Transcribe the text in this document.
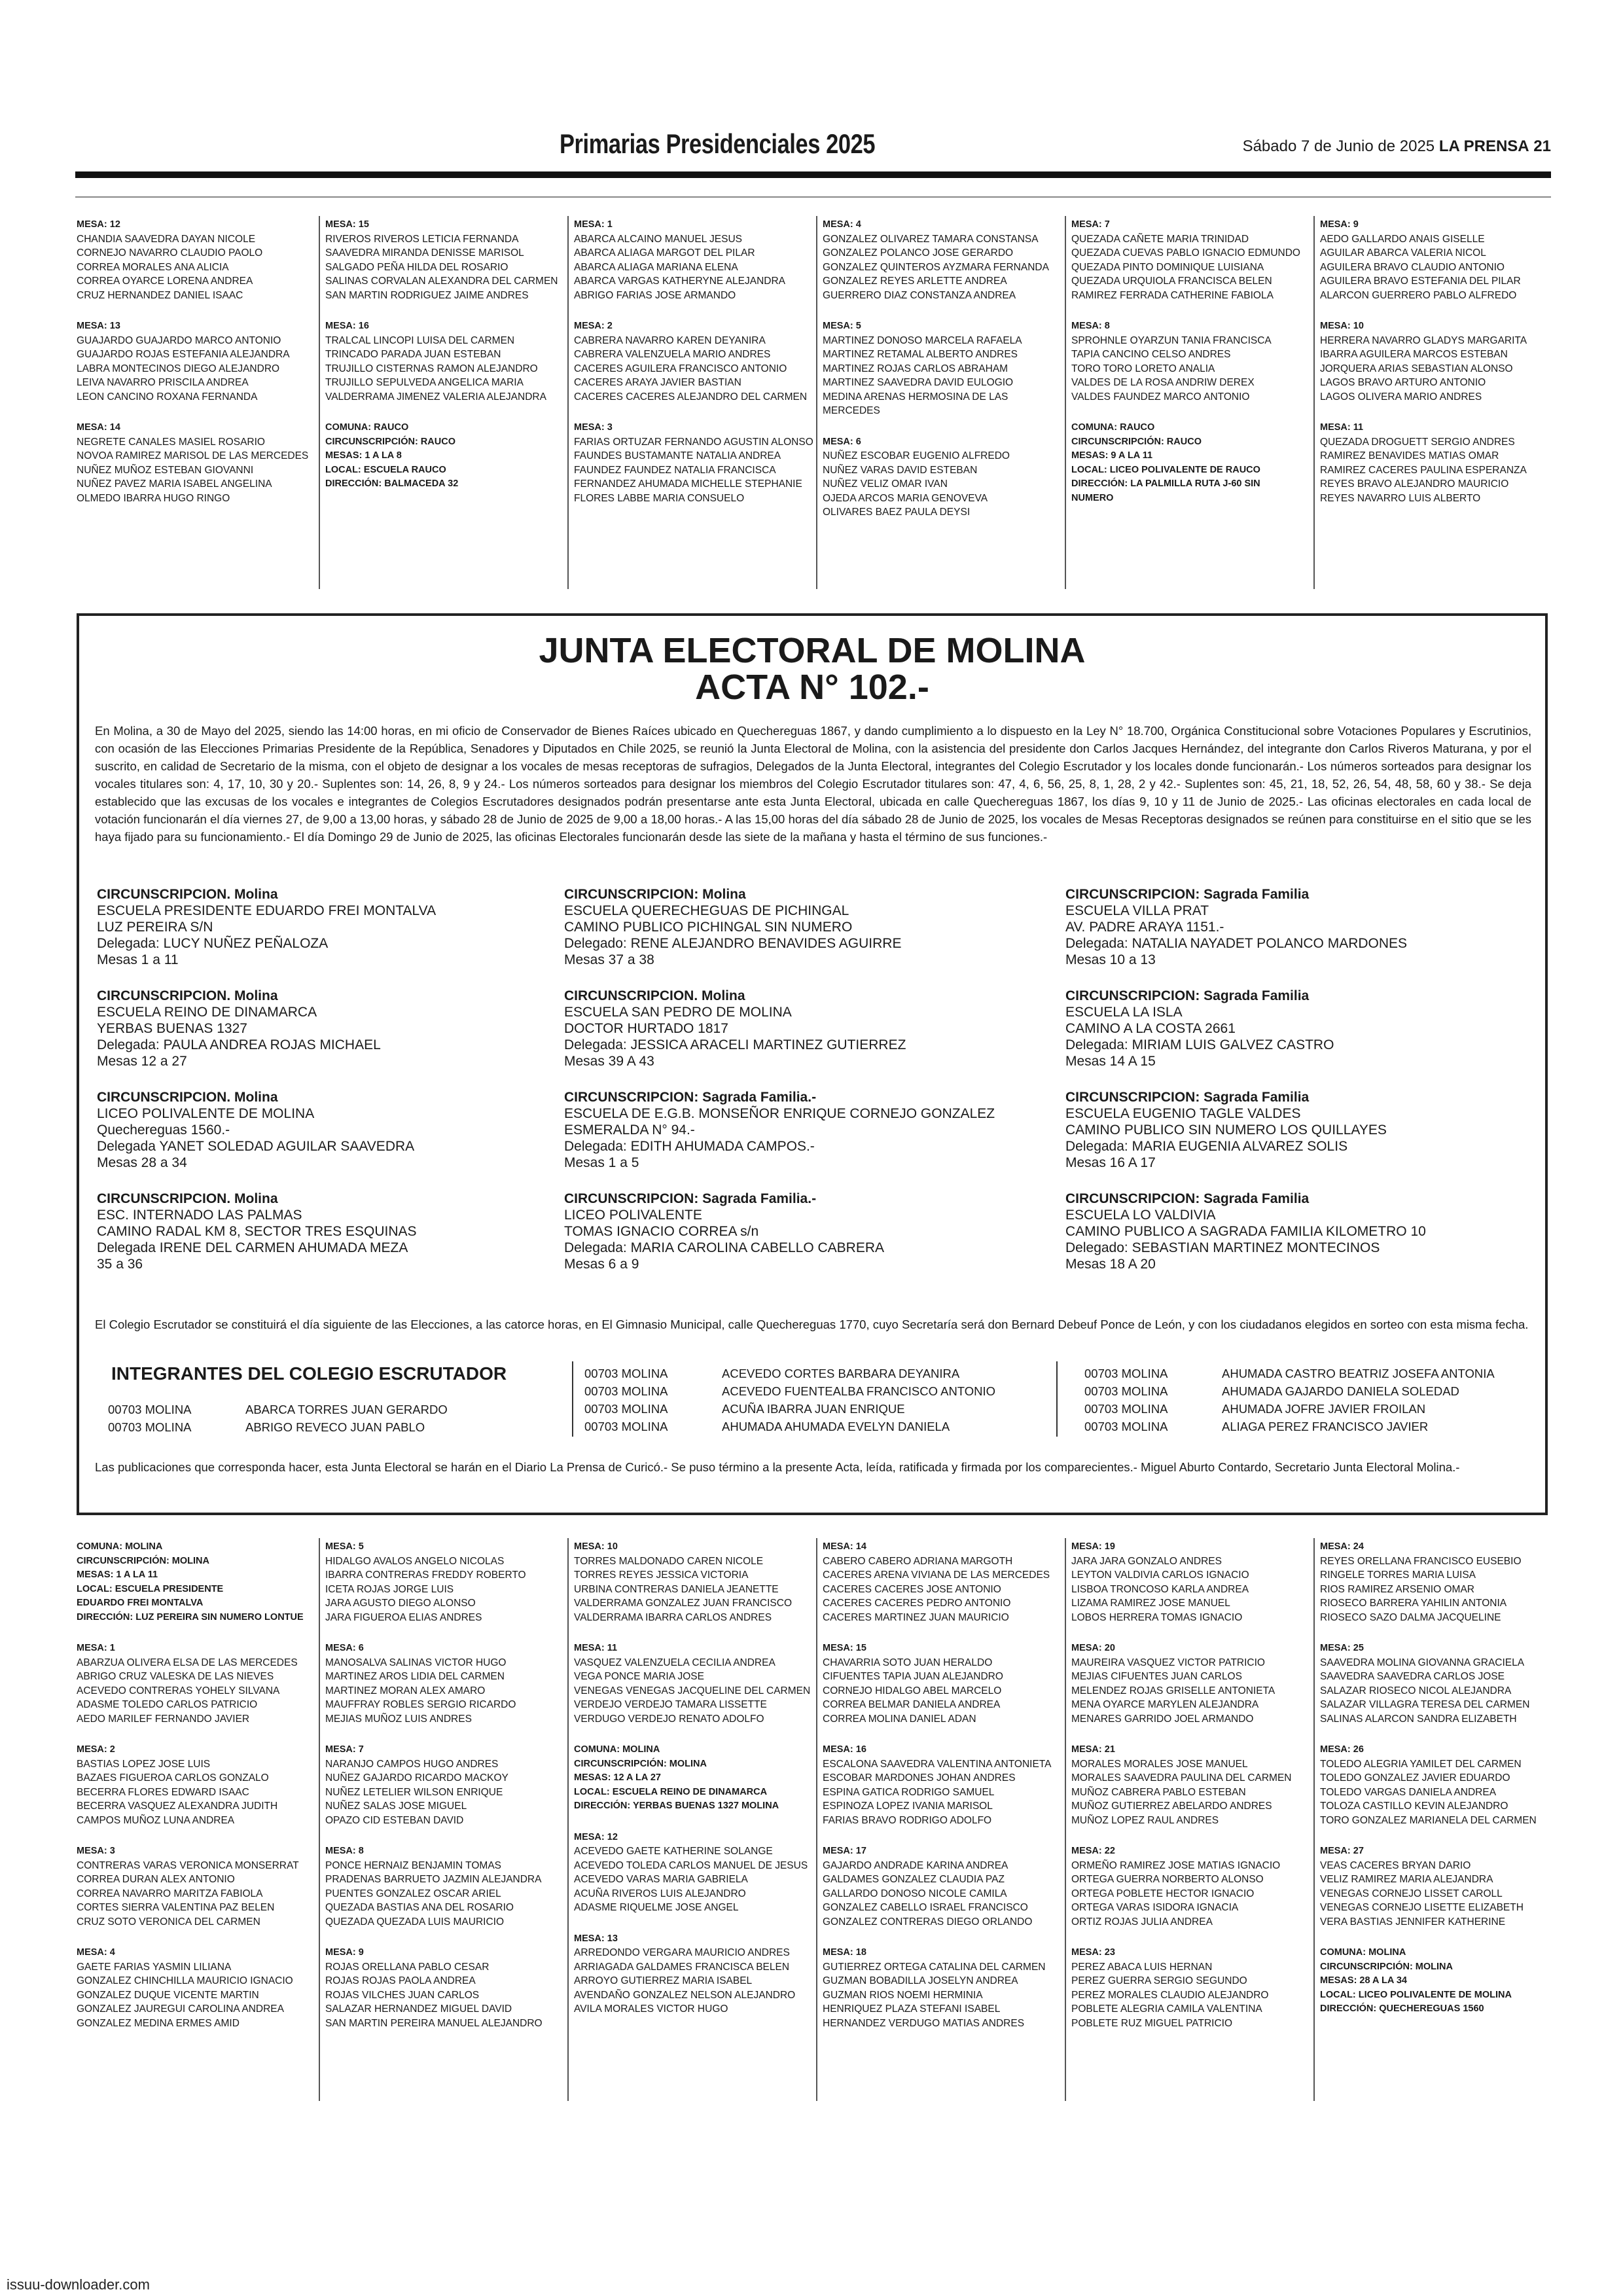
Primarias Presidenciales 2025	Sábado 7 de Junio de 2025 LA PRENSA 21
MESA: 12
CHANDIA SAAVEDRA DAYAN NICOLE
CORNEJO NAVARRO CLAUDIO PAOLO
CORREA MORALES ANA ALICIA
CORREA OYARCE LORENA ANDREA
CRUZ HERNANDEZ DANIEL ISAAC
MESA: 13
GUAJARDO GUAJARDO MARCO ANTONIO
GUAJARDO ROJAS ESTEFANIA ALEJANDRA
LABRA MONTECINOS DIEGO ALEJANDRO
LEIVA NAVARRO PRISCILA ANDREA
LEON CANCINO ROXANA FERNANDA
MESA: 14
NEGRETE CANALES MASIEL ROSARIO
NOVOA RAMIREZ MARISOL DE LAS MERCEDES
NUÑEZ MUÑOZ ESTEBAN GIOVANNI
NUÑEZ PAVEZ MARIA ISABEL ANGELINA
OLMEDO IBARRA HUGO RINGO
MESA: 15
RIVEROS RIVEROS LETICIA FERNANDA
SAAVEDRA MIRANDA DENISSE MARISOL
SALGADO PEÑA HILDA DEL ROSARIO
SALINAS CORVALAN ALEXANDRA DEL CARMEN
SAN MARTIN RODRIGUEZ JAIME ANDRES
MESA: 16
TRALCAL LINCOPI LUISA DEL CARMEN
TRINCADO PARADA JUAN ESTEBAN
TRUJILLO CISTERNAS RAMON ALEJANDRO
TRUJILLO SEPULVEDA ANGELICA MARIA
VALDERRAMA JIMENEZ VALERIA ALEJANDRA
COMUNA: RAUCO
CIRCUNSCRIPCIÓN: RAUCO
MESAS: 1 A LA 8
LOCAL: ESCUELA RAUCO
DIRECCIÓN: BALMACEDA 32
MESA: 1
ABARCA ALCAINO MANUEL JESUS
ABARCA ALIAGA MARGOT DEL PILAR
ABARCA ALIAGA MARIANA ELENA
ABARCA VARGAS KATHERYNE ALEJANDRA
ABRIGO FARIAS JOSE ARMANDO
MESA: 2
CABRERA NAVARRO KAREN DEYANIRA
CABRERA VALENZUELA MARIO ANDRES
CACERES AGUILERA FRANCISCO ANTONIO
CACERES ARAYA JAVIER BASTIAN
CACERES CACERES ALEJANDRO DEL CARMEN
MESA: 3
FARIAS ORTUZAR FERNANDO AGUSTIN ALONSO
FAUNDES BUSTAMANTE NATALIA ANDREA
FAUNDEZ FAUNDEZ NATALIA FRANCISCA
FERNANDEZ AHUMADA MICHELLE STEPHANIE
FLORES LABBE MARIA CONSUELO
MESA: 4
GONZALEZ OLIVAREZ TAMARA CONSTANSA
GONZALEZ POLANCO JOSE GERARDO
GONZALEZ QUINTEROS AYZMARA FERNANDA
GONZALEZ REYES ARLETTE ANDREA
GUERRERO DIAZ CONSTANZA ANDREA
MESA: 5
MARTINEZ DONOSO MARCELA RAFAELA
MARTINEZ RETAMAL ALBERTO ANDRES
MARTINEZ ROJAS CARLOS ABRAHAM
MARTINEZ SAAVEDRA DAVID EULOGIO
MEDINA ARENAS HERMOSINA DE LAS
MERCEDES
MESA: 6
NUÑEZ ESCOBAR EUGENIO ALFREDO
NUÑEZ VARAS DAVID ESTEBAN
NUÑEZ VELIZ OMAR IVAN
OJEDA ARCOS MARIA GENOVEVA
OLIVARES BAEZ PAULA DEYSI
MESA: 7
QUEZADA CAÑETE MARIA TRINIDAD
QUEZADA CUEVAS PABLO IGNACIO EDMUNDO
QUEZADA PINTO DOMINIQUE LUISIANA
QUEZADA URQUIOLA FRANCISCA BELEN
RAMIREZ FERRADA CATHERINE FABIOLA
MESA: 8
SPROHNLE OYARZUN TANIA FRANCISCA
TAPIA CANCINO CELSO ANDRES
TORO TORO LORETO ANALIA
VALDES DE LA ROSA ANDRIW DEREX
VALDES FAUNDEZ MARCO ANTONIO
COMUNA: RAUCO
CIRCUNSCRIPCIÓN: RAUCO
MESAS: 9 A LA 11
LOCAL: LICEO POLIVALENTE DE RAUCO
DIRECCIÓN: LA PALMILLA RUTA J-60 SIN
NUMERO
MESA: 9
AEDO GALLARDO ANAIS GISELLE
AGUILAR ABARCA VALERIA NICOL
AGUILERA BRAVO CLAUDIO ANTONIO
AGUILERA BRAVO ESTEFANIA DEL PILAR
ALARCON GUERRERO PABLO ALFREDO
MESA: 10
HERRERA NAVARRO GLADYS MARGARITA
IBARRA AGUILERA MARCOS ESTEBAN
JORQUERA ARIAS SEBASTIAN ALONSO
LAGOS BRAVO ARTURO ANTONIO
LAGOS OLIVERA MARIO ANDRES
MESA: 11
QUEZADA DROGUETT SERGIO ANDRES
RAMIREZ BENAVIDES MATIAS OMAR
RAMIREZ CACERES PAULINA ESPERANZA
REYES BRAVO ALEJANDRO MAURICIO
REYES NAVARRO LUIS ALBERTO
JUNTA ELECTORAL DE MOLINA
ACTA N° 102.-
En Molina, a 30 de Mayo del 2025, siendo las 14:00 horas, en mi oficio de Conservador de Bienes Raíces ubicado en Quechereguas 1867, y dando cumplimiento a lo dispuesto en la Ley N° 18.700, Orgánica Constitucional sobre Votaciones Populares y Escrutinios, con ocasión de las Elecciones Primarias Presidente de la República, Senadores y Diputados en Chile 2025, se reunió la Junta Electoral de Molina, con la asistencia del presidente don Carlos Jacques Hernández, del integrante don Carlos Riveros Maturana, y por el suscrito, en calidad de Secretario de la misma, con el objeto de designar a los vocales de mesas receptoras de sufragios, Delegados de la Junta Electoral, integrantes del Colegio Escrutador y los locales donde funcionarán.- Los números sorteados para designar los vocales titulares son: 4, 17, 10, 30 y 20.- Suplentes son: 14, 26, 8, 9 y 24.- Los números sorteados para designar los miembros del Colegio Escrutador titulares son: 47, 4, 6, 56, 25, 8, 1, 28, 2 y 42.- Suplentes son: 45, 21, 18, 52, 26, 54, 48, 58, 60 y 38.- Se deja establecido que las excusas de los vocales e integrantes de Colegios Escrutadores designados podrán presentarse ante esta Junta Electoral, ubicada en calle Quechereguas 1867, los días 9, 10 y 11 de Junio de 2025.- Las oficinas electorales en cada local de votación funcionarán el día viernes 27, de 9,00 a 13,00 horas, y sábado 28 de Junio de 2025 de 9,00 a 18,00 horas.- A las 15,00 horas del día sábado 28 de Junio de 2025, los vocales de Mesas Receptoras designados se reúnen para constituirse en el sitio que se les haya fijado para su funcionamiento.- El día Domingo 29 de Junio de 2025, las oficinas Electorales funcionarán desde las siete de la mañana y hasta el término de sus funciones.-
CIRCUNSCRIPCION. Molina
ESCUELA PRESIDENTE EDUARDO FREI MONTALVA
LUZ PEREIRA S/N
Delegada: LUCY NUÑEZ PEÑALOZA
Mesas 1 a 11
CIRCUNSCRIPCION. Molina
ESCUELA REINO DE DINAMARCA
YERBAS BUENAS 1327
Delegada: PAULA ANDREA ROJAS MICHAEL
Mesas 12 a 27
CIRCUNSCRIPCION. Molina
LICEO POLIVALENTE DE MOLINA
Quechereguas 1560.-
Delegada YANET SOLEDAD AGUILAR SAAVEDRA
Mesas 28 a 34
CIRCUNSCRIPCION. Molina
ESC. INTERNADO LAS PALMAS
CAMINO RADAL KM 8, SECTOR TRES ESQUINAS
Delegada IRENE DEL CARMEN AHUMADA MEZA
35 a 36
CIRCUNSCRIPCION: Molina
ESCUELA QUERECHEGUAS DE PICHINGAL
CAMINO PUBLICO PICHINGAL SIN NUMERO
Delegado: RENE ALEJANDRO BENAVIDES AGUIRRE
Mesas 37 a 38
CIRCUNSCRIPCION. Molina
ESCUELA SAN PEDRO DE MOLINA
DOCTOR HURTADO 1817
Delegada: JESSICA ARACELI MARTINEZ GUTIERREZ
Mesas 39 A 43
CIRCUNSCRIPCION: Sagrada Familia.-
ESCUELA DE E.G.B. MONSEÑOR ENRIQUE CORNEJO GONZALEZ
ESMERALDA N° 94.-
Delegada: EDITH AHUMADA CAMPOS.-
Mesas 1 a 5
CIRCUNSCRIPCION: Sagrada Familia.-
LICEO POLIVALENTE
TOMAS IGNACIO CORREA s/n
Delegada: MARIA CAROLINA CABELLO CABRERA
Mesas 6 a 9
CIRCUNSCRIPCION: Sagrada Familia
ESCUELA VILLA PRAT
AV. PADRE ARAYA 1151.-
Delegada: NATALIA NAYADET POLANCO MARDONES
Mesas 10 a 13
CIRCUNSCRIPCION: Sagrada Familia
ESCUELA LA ISLA
CAMINO A LA COSTA 2661
Delegada: MIRIAM LUIS GALVEZ CASTRO
Mesas 14 A 15
CIRCUNSCRIPCION: Sagrada Familia
ESCUELA EUGENIO TAGLE VALDES
CAMINO PUBLICO SIN NUMERO LOS QUILLAYES
Delegada: MARIA EUGENIA ALVAREZ SOLIS
Mesas 16 A 17
CIRCUNSCRIPCION: Sagrada Familia
ESCUELA LO VALDIVIA
CAMINO PUBLICO A SAGRADA FAMILIA KILOMETRO 10
Delegado: SEBASTIAN MARTINEZ MONTECINOS
Mesas 18 A 20
El Colegio Escrutador se constituirá el día siguiente de las Elecciones, a las catorce horas, en El Gimnasio Municipal, calle Quechereguas 1770, cuyo Secretaría será don Bernard Debeuf Ponce de León, y con los ciudadanos elegidos en sorteo con esta misma fecha.
INTEGRANTES DEL COLEGIO ESCRUTADOR
00703 MOLINA	ABARCA TORRES JUAN GERARDO
00703 MOLINA	ABRIGO REVECO JUAN PABLO
00703 MOLINA	ACEVEDO CORTES BARBARA DEYANIRA
00703 MOLINA	ACEVEDO FUENTEALBA FRANCISCO ANTONIO
00703 MOLINA	ACUÑA IBARRA JUAN ENRIQUE
00703 MOLINA	AHUMADA AHUMADA EVELYN DANIELA
00703 MOLINA	AHUMADA CASTRO BEATRIZ JOSEFA ANTONIA
00703 MOLINA	AHUMADA GAJARDO DANIELA SOLEDAD
00703 MOLINA	AHUMADA JOFRE JAVIER FROILAN
00703 MOLINA	ALIAGA PEREZ FRANCISCO JAVIER
Las publicaciones que corresponda hacer, esta Junta Electoral se harán en el Diario La Prensa de Curicó.- Se puso término a la presente Acta, leída, ratificada y firmada por los comparecientes.- Miguel Aburto Contardo, Secretario Junta Electoral Molina.-
COMUNA: MOLINA
CIRCUNSCRIPCIÓN: MOLINA
MESAS: 1 A LA 11
LOCAL: ESCUELA PRESIDENTE
EDUARDO FREI MONTALVA
DIRECCIÓN: LUZ PEREIRA SIN NUMERO LONTUE
MESA: 1
ABARZUA OLIVERA ELSA DE LAS MERCEDES
ABRIGO CRUZ VALESKA DE LAS NIEVES
ACEVEDO CONTRERAS YOHELY SILVANA
ADASME TOLEDO CARLOS PATRICIO
AEDO MARILEF FERNANDO JAVIER
MESA: 2
BASTIAS LOPEZ JOSE LUIS
BAZAES FIGUEROA CARLOS GONZALO
BECERRA FLORES EDWARD ISAAC
BECERRA VASQUEZ ALEXANDRA JUDITH
CAMPOS MUÑOZ LUNA ANDREA
MESA: 3
CONTRERAS VARAS VERONICA MONSERRAT
CORREA DURAN ALEX ANTONIO
CORREA NAVARRO MARITZA FABIOLA
CORTES SIERRA VALENTINA PAZ BELEN
CRUZ SOTO VERONICA DEL CARMEN
MESA: 4
GAETE FARIAS YASMIN LILIANA
GONZALEZ CHINCHILLA MAURICIO IGNACIO
GONZALEZ DUQUE VICENTE MARTIN
GONZALEZ JAUREGUI CAROLINA ANDREA
GONZALEZ MEDINA ERMES AMID
MESA: 5
HIDALGO AVALOS ANGELO NICOLAS
IBARRA CONTRERAS FREDDY ROBERTO
ICETA ROJAS JORGE LUIS
JARA AGUSTO DIEGO ALONSO
JARA FIGUEROA ELIAS ANDRES
MESA: 6
MANOSALVA SALINAS VICTOR HUGO
MARTINEZ AROS LIDIA DEL CARMEN
MARTINEZ MORAN ALEX AMARO
MAUFFRAY ROBLES SERGIO RICARDO
MEJIAS MUÑOZ LUIS ANDRES
MESA: 7
NARANJO CAMPOS HUGO ANDRES
NUÑEZ GAJARDO RICARDO MACKOY
NUÑEZ LETELIER WILSON ENRIQUE
NUÑEZ SALAS JOSE MIGUEL
OPAZO CID ESTEBAN DAVID
MESA: 8
PONCE HERNAIZ BENJAMIN TOMAS
PRADENAS BARRUETO JAZMIN ALEJANDRA
PUENTES GONZALEZ OSCAR ARIEL
QUEZADA BASTIAS ANA DEL ROSARIO
QUEZADA QUEZADA LUIS MAURICIO
MESA: 9
ROJAS ORELLANA PABLO CESAR
ROJAS ROJAS PAOLA ANDREA
ROJAS VILCHES JUAN CARLOS
SALAZAR HERNANDEZ MIGUEL DAVID
SAN MARTIN PEREIRA MANUEL ALEJANDRO
MESA: 10
TORRES MALDONADO CAREN NICOLE
TORRES REYES JESSICA VICTORIA
URBINA CONTRERAS DANIELA JEANETTE
VALDERRAMA GONZALEZ JUAN FRANCISCO
VALDERRAMA IBARRA CARLOS ANDRES
MESA: 11
VASQUEZ VALENZUELA CECILIA ANDREA
VEGA PONCE MARIA JOSE
VENEGAS VENEGAS JACQUELINE DEL CARMEN
VERDEJO VERDEJO TAMARA LISSETTE
VERDUGO VERDEJO RENATO ADOLFO
COMUNA: MOLINA
CIRCUNSCRIPCIÓN: MOLINA
MESAS: 12 A LA 27
LOCAL: ESCUELA REINO DE DINAMARCA
DIRECCIÓN: YERBAS BUENAS 1327 MOLINA
MESA: 12
ACEVEDO GAETE KATHERINE SOLANGE
ACEVEDO TOLEDA CARLOS MANUEL DE JESUS
ACEVEDO VARAS MARIA GABRIELA
ACUÑA RIVEROS LUIS ALEJANDRO
ADASME RIQUELME JOSE ANGEL
MESA: 13
ARREDONDO VERGARA MAURICIO ANDRES
ARRIAGADA GALDAMES FRANCISCA BELEN
ARROYO GUTIERREZ MARIA ISABEL
AVENDAÑO GONZALEZ NELSON ALEJANDRO
AVILA MORALES VICTOR HUGO
MESA: 14
CABERO CABERO ADRIANA MARGOTH
CACERES ARENA VIVIANA DE LAS MERCEDES
CACERES CACERES JOSE ANTONIO
CACERES CACERES PEDRO ANTONIO
CACERES MARTINEZ JUAN MAURICIO
MESA: 15
CHAVARRIA SOTO JUAN HERALDO
CIFUENTES TAPIA JUAN ALEJANDRO
CORNEJO HIDALGO ABEL MARCELO
CORREA BELMAR DANIELA ANDREA
CORREA MOLINA DANIEL ADAN
MESA: 16
ESCALONA SAAVEDRA VALENTINA ANTONIETA
ESCOBAR MARDONES JOHAN ANDRES
ESPINA GATICA RODRIGO SAMUEL
ESPINOZA LOPEZ IVANIA MARISOL
FARIAS BRAVO RODRIGO ADOLFO
MESA: 17
GAJARDO ANDRADE KARINA ANDREA
GALDAMES GONZALEZ CLAUDIA PAZ
GALLARDO DONOSO NICOLE CAMILA
GONZALEZ CABELLO ISRAEL FRANCISCO
GONZALEZ CONTRERAS DIEGO ORLANDO
MESA: 18
GUTIERREZ ORTEGA CATALINA DEL CARMEN
GUZMAN BOBADILLA JOSELYN ANDREA
GUZMAN RIOS NOEMI HERMINIA
HENRIQUEZ PLAZA STEFANI ISABEL
HERNANDEZ VERDUGO MATIAS ANDRES
MESA: 19
JARA JARA GONZALO ANDRES
LEYTON VALDIVIA CARLOS IGNACIO
LISBOA TRONCOSO KARLA ANDREA
LIZAMA RAMIREZ JOSE MANUEL
LOBOS HERRERA TOMAS IGNACIO
MESA: 20
MAUREIRA VASQUEZ VICTOR PATRICIO
MEJIAS CIFUENTES JUAN CARLOS
MELENDEZ ROJAS GRISELLE ANTONIETA
MENA OYARCE MARYLEN ALEJANDRA
MENARES GARRIDO JOEL ARMANDO
MESA: 21
MORALES MORALES JOSE MANUEL
MORALES SAAVEDRA PAULINA DEL CARMEN
MUÑOZ CABRERA PABLO ESTEBAN
MUÑOZ GUTIERREZ ABELARDO ANDRES
MUÑOZ LOPEZ RAUL ANDRES
MESA: 22
ORMEÑO RAMIREZ JOSE MATIAS IGNACIO
ORTEGA GUERRA NORBERTO ALONSO
ORTEGA POBLETE HECTOR IGNACIO
ORTEGA VARAS ISIDORA IGNACIA
ORTIZ ROJAS JULIA ANDREA
MESA: 23
PEREZ ABACA LUIS HERNAN
PEREZ GUERRA SERGIO SEGUNDO
PEREZ MORALES CLAUDIO ALEJANDRO
POBLETE ALEGRIA CAMILA VALENTINA
POBLETE RUZ MIGUEL PATRICIO
MESA: 24
REYES ORELLANA FRANCISCO EUSEBIO
RINGELE TORRES MARIA LUISA
RIOS RAMIREZ ARSENIO OMAR
RIOSECO BARRERA YAHILIN ANTONIA
RIOSECO SAZO DALMA JACQUELINE
MESA: 25
SAAVEDRA MOLINA GIOVANNA GRACIELA
SAAVEDRA SAAVEDRA CARLOS JOSE
SALAZAR RIOSECO NICOL ALEJANDRA
SALAZAR VILLAGRA TERESA DEL CARMEN
SALINAS ALARCON SANDRA ELIZABETH
MESA: 26
TOLEDO ALEGRIA YAMILET DEL CARMEN
TOLEDO GONZALEZ JAVIER EDUARDO
TOLEDO VARGAS DANIELA ANDREA
TOLOZA CASTILLO KEVIN ALEJANDRO
TORO GONZALEZ MARIANELA DEL CARMEN
MESA: 27
VEAS CACERES BRYAN DARIO
VELIZ RAMIREZ MARIA ALEJANDRA
VENEGAS CORNEJO LISSET CAROLL
VENEGAS CORNEJO LISETTE ELIZABETH
VERA BASTIAS JENNIFER KATHERINE
COMUNA: MOLINA
CIRCUNSCRIPCIÓN: MOLINA
MESAS: 28 A LA 34
LOCAL: LICEO POLIVALENTE DE MOLINA
DIRECCIÓN: QUECHEREGUAS 1560
issuu-downloader.com
